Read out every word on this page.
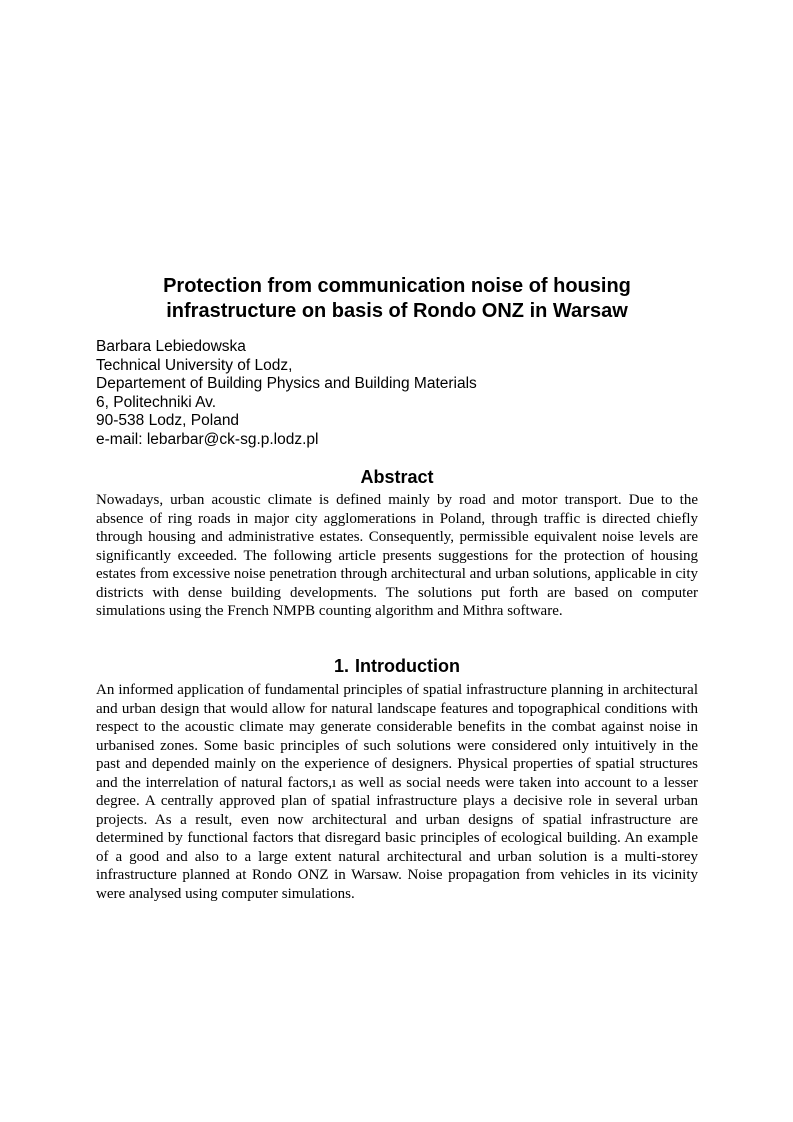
Protection from communication noise of housing
infrastructure on basis of Rondo ONZ in Warsaw
Barbara Lebiedowska
Technical University of Lodz,
Departement of Building Physics and Building Materials
6, Politechniki Av.
90-538 Lodz, Poland
e-mail: lebarbar@ck-sg.p.lodz.pl
Abstract

Nowadays, urban acoustic climate is defined mainly by road and motor transport. Due to the absence of ring roads in major city agglomerations in Poland, through traffic is directed chiefly through housing and administrative estates. Consequently, permissible equivalent noise levels are significantly exceeded. The following article presents suggestions for the protection of housing estates from excessive noise penetration through architectural and urban solutions, applicable in city districts with dense building developments. The solutions put forth are based on computer simulations using the French NMPB counting algorithm and Mithra software.

1. Introduction

An informed application of fundamental principles of spatial infrastructure planning in architectural and urban design that would allow for natural landscape features and topographical conditions with respect to the acoustic climate may generate considerable benefits in the combat against noise in urbanised zones. Some basic principles of such solutions were considered only intuitively in the past and depended mainly on the experience of designers. Physical properties of spatial structures and the interrelation of natural factors,ı as well as social needs were taken into account to a lesser degree. A centrally approved plan of spatial infrastructure plays a decisive role in several urban projects. As a result, even now architectural and urban designs of spatial infrastructure are determined by functional factors that disregard basic principles of ecological building. An example of a good and also to a large extent natural architectural and urban solution is a multi-storey infrastructure planned at Rondo ONZ in Warsaw. Noise propagation from vehicles in its vicinity were analysed using computer simulations.
